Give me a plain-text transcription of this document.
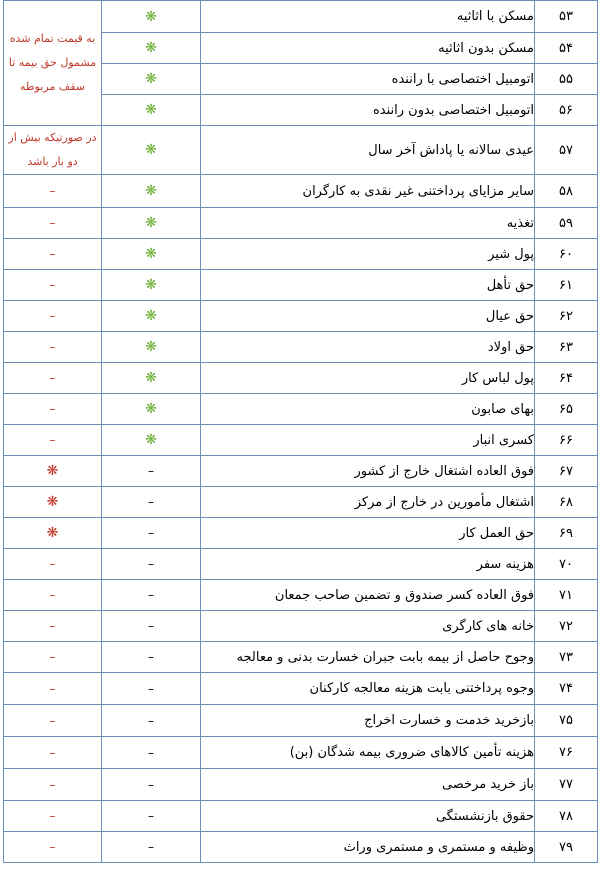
۵۳	مسکن با اثاثیه	❋	به قیمت تمام شده مشمول حق بیمه تا سقف مربوطه
۵۴	مسکن بدون اثاثیه	❋	
۵۵	اتومبیل اختصاصی با راننده	❋	
۵۶	اتومبیل اختصاصی بدون راننده	❋	
۵۷	عیدی سالانه یا پاداش آخر سال	❋	در صورتیکه بیش از دو بار باشد
۵۸	سایر مزایای پرداختنی غیر نقدی به کارگران	❋	–
۵۹	تغذیه	❋	–
۶۰	پول شیر	❋	–
۶۱	حق تأهل	❋	–
۶۲	حق عیال	❋	–
۶۳	حق اولاد	❋	–
۶۴	پول لباس کار	❋	–
۶۵	بهای صابون	❋	–
۶۶	کسری انبار	❋	–
۶۷	فوق العاده اشتغال خارج از کشور	–	❋
۶۸	اشتغال مأمورین در خارج از مرکز	–	❋
۶۹	حق العمل کار	–	❋
۷۰	هزینه سفر	–	–
۷۱	فوق العاده کسر صندوق و تضمین صاحب جمعان	–	–
۷۲	خانه های کارگری	–	–
۷۳	وجوح حاصل از بیمه بابت جبران خسارت بدنی و معالجه	–	–
۷۴	وجوه پرداختنی بابت هزینه معالجه کارکنان	–	–
۷۵	بازخرید خدمت و خسارت اخراج	–	–
۷۶	هزینه تأمین کالاهای ضروری بیمه شدگان (بن)	–	–
۷۷	باز خرید مرخصی	–	–
۷۸	حقوق بازنشستگی	–	–
۷۹	وظیفه و مستمری و مستمری وراث	–	–
